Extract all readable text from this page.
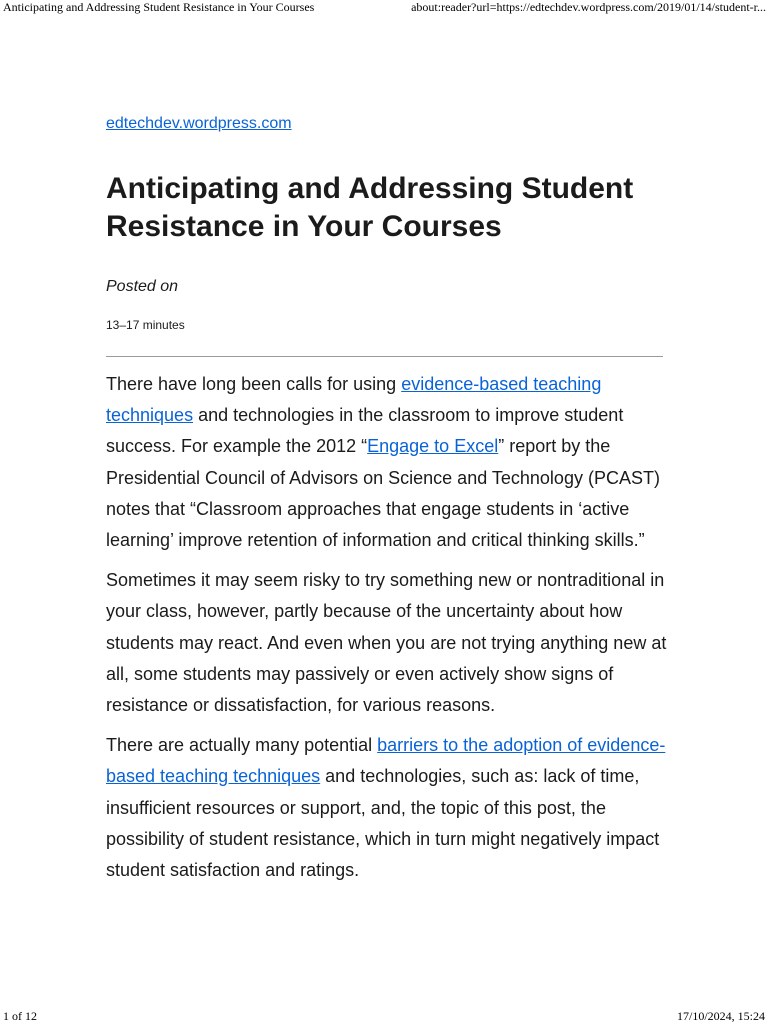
Anticipating and Addressing Student Resistance in Your Courses	about:reader?url=https://edtechdev.wordpress.com/2019/01/14/student-r...
edtechdev.wordpress.com
Anticipating and Addressing Student Resistance in Your Courses
Posted on
13–17 minutes

There have long been calls for using evidence-based teaching techniques and technologies in the classroom to improve student success. For example the 2012 “Engage to Excel” report by the Presidential Council of Advisors on Science and Technology (PCAST) notes that “Classroom approaches that engage students in ‘active learning’ improve retention of information and critical thinking skills.”

Sometimes it may seem risky to try something new or nontraditional in your class, however, partly because of the uncertainty about how students may react. And even when you are not trying anything new at all, some students may passively or even actively show signs of resistance or dissatisfaction, for various reasons.

There are actually many potential barriers to the adoption of evidence-based teaching techniques and technologies, such as: lack of time, insufficient resources or support, and, the topic of this post, the possibility of student resistance, which in turn might negatively impact student satisfaction and ratings.

1 of 12	17/10/2024, 15:24
